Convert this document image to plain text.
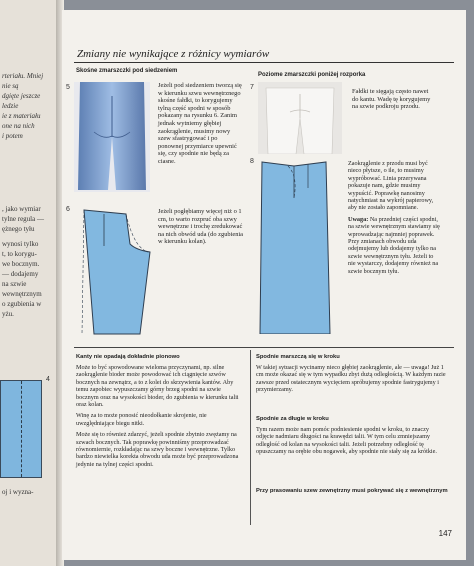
rteriału. Mniej
nie są
dgięte jeszcze
ledzie
ie z materiału
one na nich
i potem
, jako wymiar
tylne regula —
ężnego tyłu
wynosi tylko
t, to korygu-
we bocznym.
— dodajemy
na szwie
wewnętrznym
o zgubienia w
yżu.
oj i wyzna-
4
Zmiany nie wynikające z różnicy wymiarów
Skośne zmarszczki pod siedzeniem
5	Jeżeli pod siedzeniem tworzą się w kierunku szwu wewnętrznego skośne fałdki, to korygujemy tylną część spodni w sposób pokazany na rysunku 6. Zanim jednak wytniemy głębiej zaokrąglenie, musimy nowy szew sfastrygować i po ponownej przymiarce upewnić się, czy spodnie nie będą za ciasne.
6	Jeżeli pogłębiamy więcej niż o 1 cm, to warto rozpruć oba szwy wewnętrzne i trochę zredukować na nich obwód uda (do zgubienia w kierunku kolan).
Poziome zmarszczki poniżej rozporka
7
Fałdki te sięgają często nawet do kantu. Wadę tę korygujemy na szwie podkroju przodu.
8	Zaokrąglenie z przodu musi być nieco płytsze, o ile, to musimy wypróbować. Linia przerywana pokazuje nam, gdzie musimy wypuścić. Poprawkę nanosimy natychmiast na wykrój papierowy, aby nie zostało zapomniane.

Uwaga: Na przedniej części spodni, na szwie wewnętrznym stawiamy się wprowadzając najmniej poprawek. Przy zmianach obwodu uda odejmujemy lub dodajemy tylko na szwie wewnętrznym tyłu. Jeżeli to nie wystarczy, dodajemy również na szwie bocznym tyłu.

Kanty nie opadają dokładnie pionowo

Może to być spowodowane wieloma przyczynami, np. silne zaokrąglenie bioder może powodować ich ciągnięcie szwów bocznych na zewnątrz, a to z kolei do skrzywienia kantów. Aby temu zapobiec wypuszczamy górny brzeg spodni na szwie bocznym oraz na wysokości bioder, do zgubienia w kierunku talii oraz kolan.

Winę za to może ponosić nieodołkanie skrojenie, nie uwzględniające biegu nitki.

Może się to również zdarzyć, jeżeli spodnie zbytnio zwężamy na szwach bocznych. Tak poprawkę powinniśmy przeprowadzać równomiernie, rozkładając na szwy boczne i wewnętrzne. Tylko bardzo niewielka korekta obwodu uda może być przeprowadzona jedynie na tylnej części spodni.

Spodnie marszczą się w kroku
W takiej sytuacji wycinamy nieco głębiej zaokrąglenie, ale — uwaga! Już 1 cm może okazać się w tym wypadku zbyt dużą odległością. W każdym razie zawsze przed ostatecznym wycięciem spróbujemy spodnie fastrygujemy i przymierzamy.
Spodnie za długie w kroku
Tym razem może nam pomóc podniesienie spodni w kroku, to znaczy odjęcie nadmiaru długości na krawędzi talii. W tym celu zmniejszamy odległość od kolan na wysokości talii. Jeżeli potrzebny odległość tę opuszczamy na orębie obu nogawek, aby spodnie nie stały się za krótkie.
Przy prasowaniu szew zewnętrzny musi pokrywać się z wewnętrznym
147
